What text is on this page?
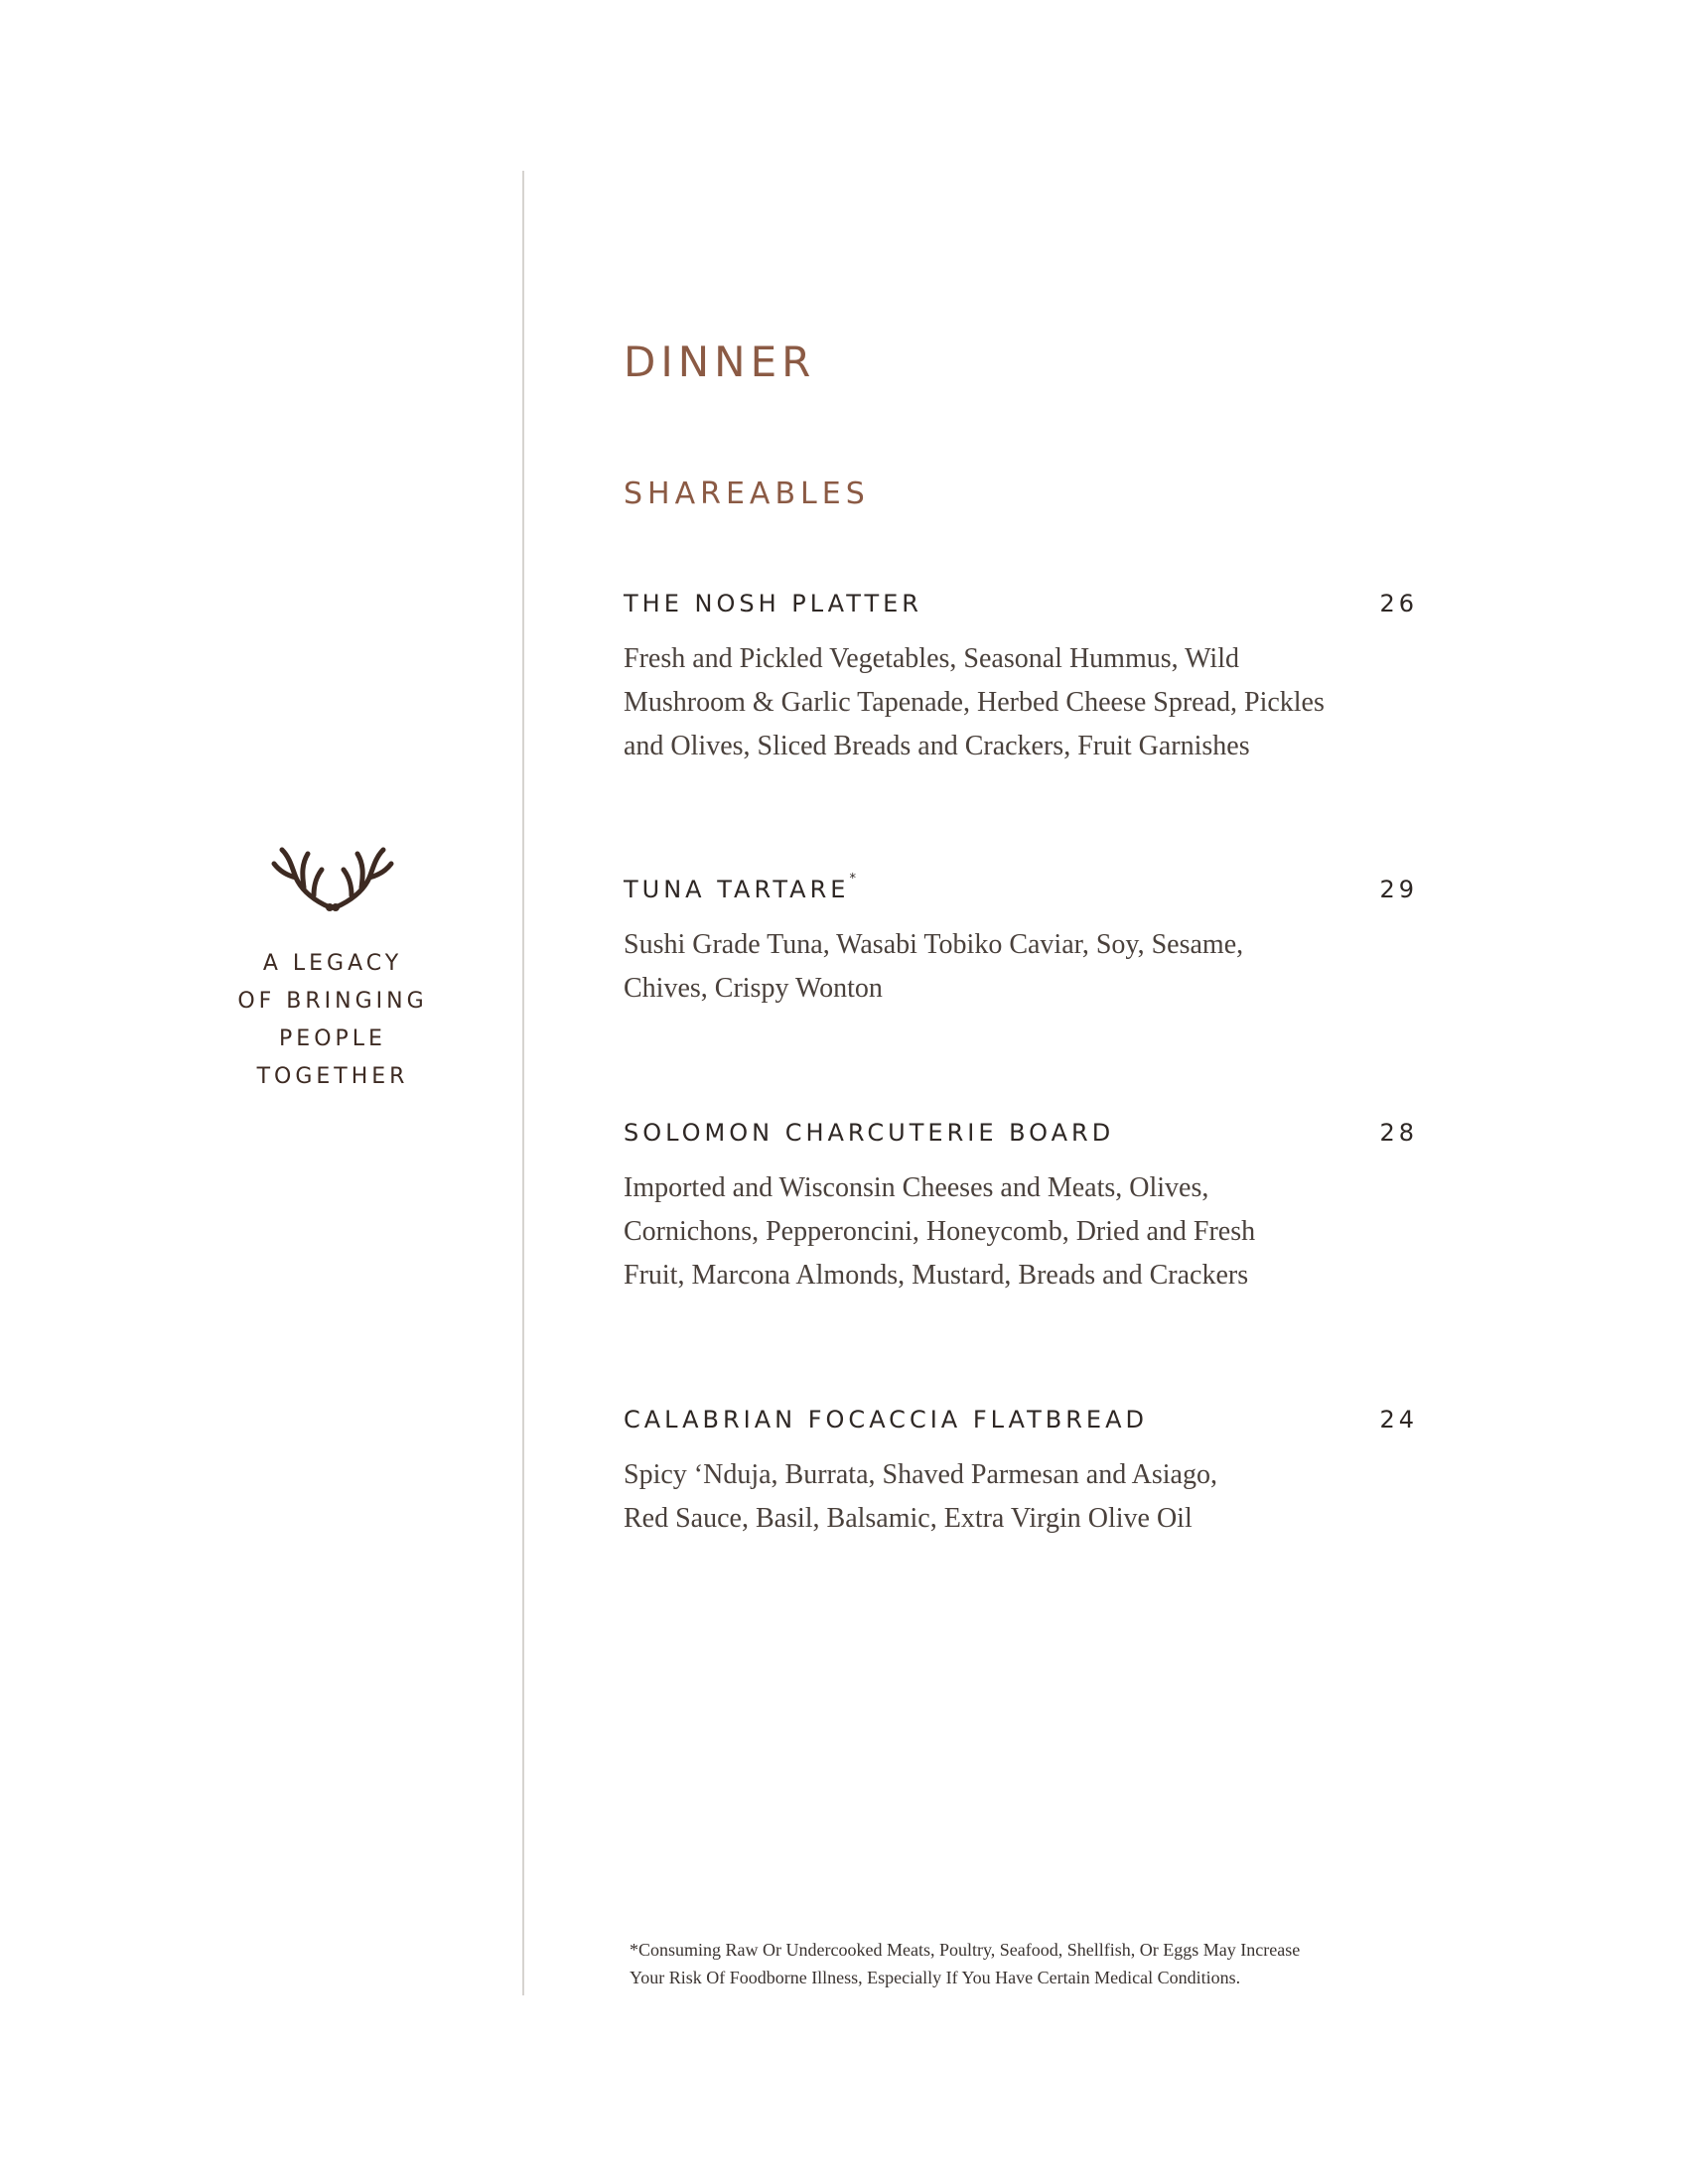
A LEGACY
OF BRINGING
PEOPLE
TOGETHER
DINNER
SHAREABLES
THE NOSH PLATTER	26
Fresh and Pickled Vegetables, Seasonal Hummus, Wild
Mushroom & Garlic Tapenade, Herbed Cheese Spread, Pickles
and Olives, Sliced Breads and Crackers, Fruit Garnishes
TUNA TARTARE*	29
Sushi Grade Tuna, Wasabi Tobiko Caviar, Soy, Sesame,
Chives, Crispy Wonton
SOLOMON CHARCUTERIE BOARD	28
Imported and Wisconsin Cheeses and Meats, Olives,
Cornichons, Pepperoncini, Honeycomb, Dried and Fresh
Fruit, Marcona Almonds, Mustard, Breads and Crackers
CALABRIAN FOCACCIA FLATBREAD	24
Spicy ‘Nduja, Burrata, Shaved Parmesan and Asiago,
Red Sauce, Basil, Balsamic, Extra Virgin Olive Oil
*Consuming Raw Or Undercooked Meats, Poultry, Seafood, Shellfish, Or Eggs May Increase
Your Risk Of Foodborne Illness, Especially If You Have Certain Medical Conditions.
